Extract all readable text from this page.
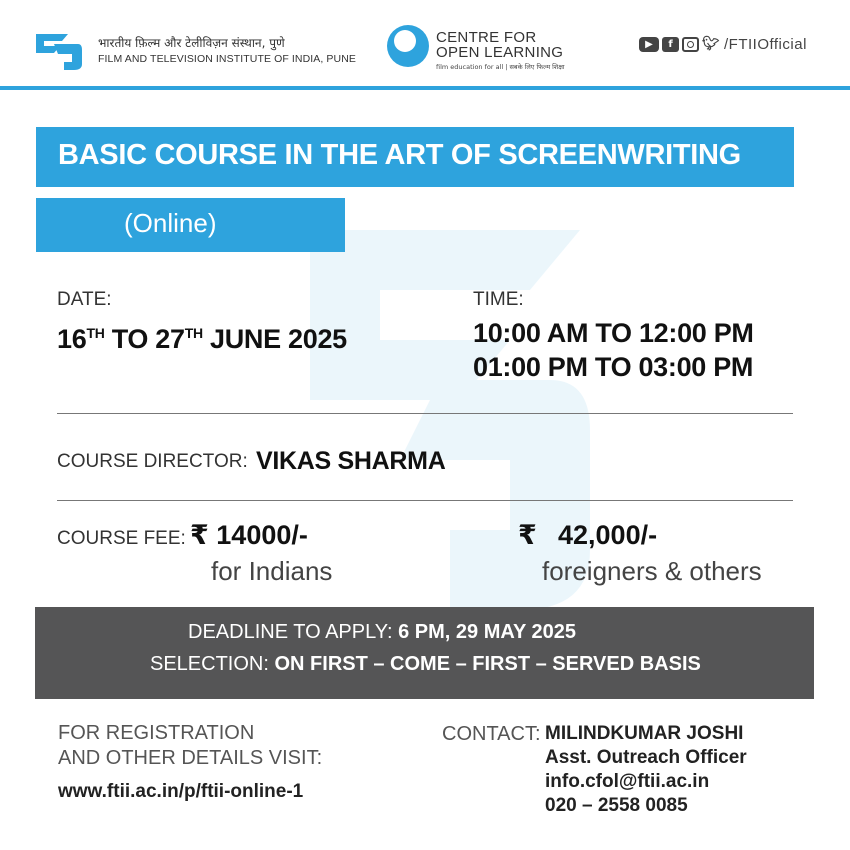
भारतीय फ़िल्म और टेलीविज़न संस्थान, पुणे
FILM AND TELEVISION INSTITUTE OF INDIA, PUNE
CENTRE FOR
OPEN LEARNING
film education for all | सबके लिए फिल्म शिक्षा
▶	f	🐦︎ /FTIIOfficial
BASIC COURSE IN THE ART OF SCREENWRITING
(Online)
DATE:
16TH TO 27TH JUNE 2025
TIME:
10:00 AM TO 12:00 PM
01:00 PM TO 03:00 PM
COURSE DIRECTOR: VIKAS SHARMA
COURSE FEE: ₹ 14000/-
for Indians
₹ 42,000/-
foreigners & others
DEADLINE TO APPLY: 6 PM, 29 MAY 2025
SELECTION: ON FIRST – COME – FIRST – SERVED BASIS
FOR REGISTRATION
AND OTHER DETAILS VISIT:
www.ftii.ac.in/p/ftii-online-1
CONTACT: MILINDKUMAR JOSHI
Asst. Outreach Officer
info.cfol@ftii.ac.in
020 – 2558 0085
